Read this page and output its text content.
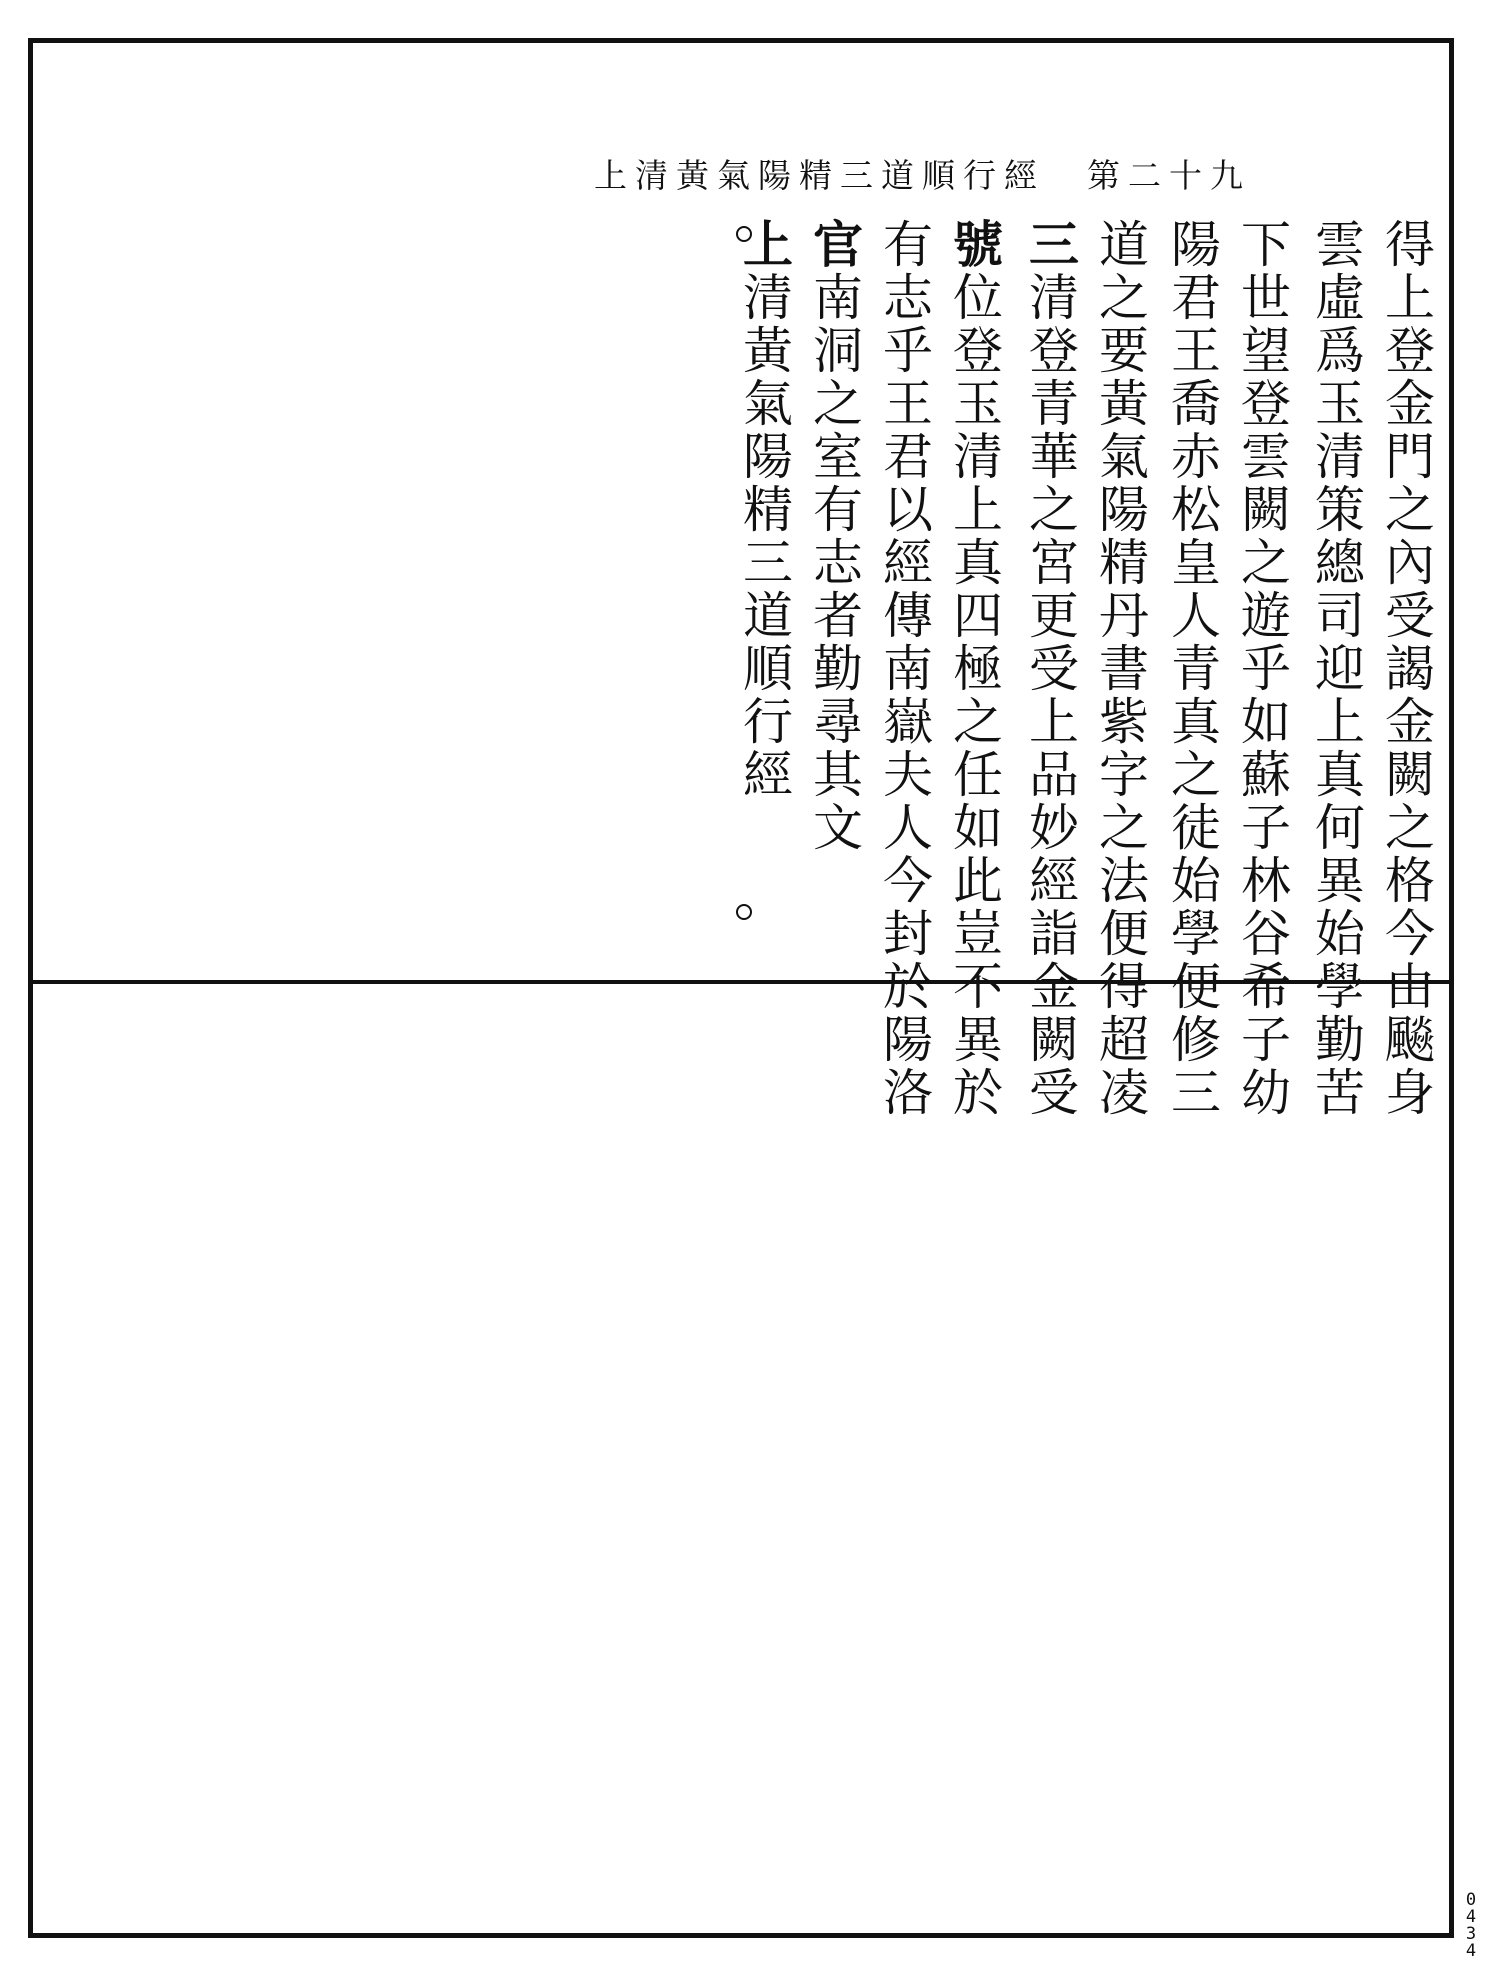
上清黃氣陽精三道順行經 第二十九
得上登金門之內受謁金闕之格今由飈身
雲虛爲玉清策總司迎上真何異始學勤苦
下世望登雲闕之遊乎如蘇子林谷希子幼
陽君王喬赤松皇人青真之徒始學便修三
道之要黃氣陽精丹書紫字之法便得超凌
三清登青華之宮更受上品妙經詣金闕受
號位登玉清上真四極之任如此豈不異於
有志乎王君以經傳南嶽夫人今封於陽洛
官南洞之室有志者勤尋其文
上清黃氣陽精三道順行經
0434
